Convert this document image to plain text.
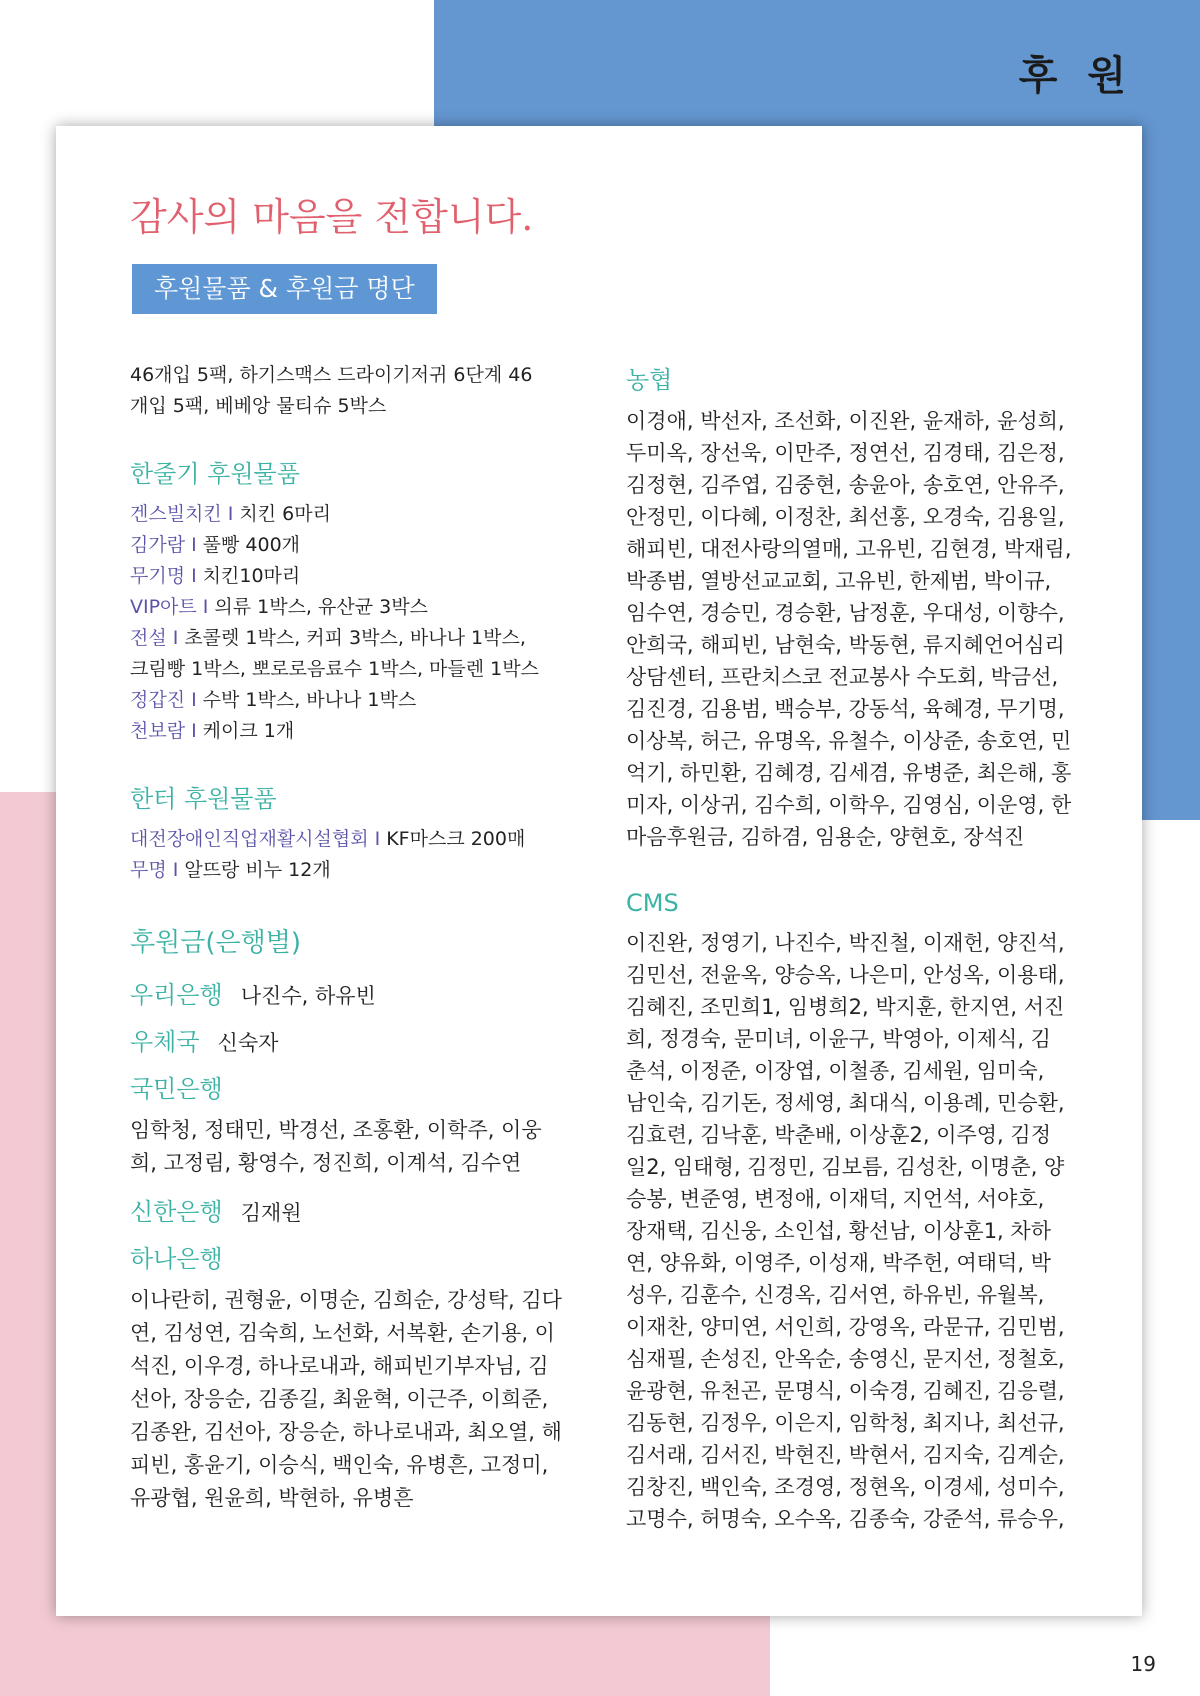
후 원
감사의 마음을 전합니다.
후원물품 & 후원금 명단

46개입 5팩, 하기스맥스 드라이기저귀 6단계 46
개입 5팩, 베베앙 물티슈 5박스

한줄기 후원물품

겐스빌치킨 I 치킨 6마리

김가람 I 풀빵 400개

무기명 I 치킨10마리

VIP아트 I 의류 1박스, 유산균 3박스

전설 I 초콜렛 1박스, 커피 3박스, 바나나 1박스,
크림빵 1박스, 뽀로로음료수 1박스, 마들렌 1박스

정갑진 I 수박 1박스, 바나나 1박스

천보람 I 케이크 1개

한터 후원물품

대전장애인직업재활시설협회 I KF마스크 200매

무명 I 알뜨랑 비누 12개

후원금(은행별)

우리은행 나진수, 하유빈

우체국 신숙자

국민은행

임학청, 정태민, 박경선, 조홍환, 이학주, 이웅
희, 고정림, 황영수, 정진희, 이계석, 김수연

신한은행 김재원

하나은행

이나란히, 권형윤, 이명순, 김희순, 강성탁, 김다
연, 김성연, 김숙희, 노선화, 서복환, 손기용, 이
석진, 이우경, 하나로내과, 해피빈기부자님, 김
선아, 장응순, 김종길, 최윤혁, 이근주, 이희준,
김종완, 김선아, 장응순, 하나로내과, 최오열, 해
피빈, 홍윤기, 이승식, 백인숙, 유병흔, 고정미,
유광협, 원윤희, 박현하, 유병흔

농협

이경애, 박선자, 조선화, 이진완, 윤재하, 윤성희,
두미옥, 장선욱, 이만주, 정연선, 김경태, 김은정,
김정현, 김주엽, 김중현, 송윤아, 송호연, 안유주,
안정민, 이다혜, 이정찬, 최선홍, 오경숙, 김용일,
해피빈, 대전사랑의열매, 고유빈, 김현경, 박재림,
박종범, 열방선교교회, 고유빈, 한제범, 박이규,
임수연, 경승민, 경승환, 남정훈, 우대성, 이향수,
안희국, 해피빈, 남현숙, 박동현, 류지혜언어심리
상담센터, 프란치스코 전교봉사 수도회, 박금선,
김진경, 김용범, 백승부, 강동석, 육혜경, 무기명,
이상복, 허근, 유명옥, 유철수, 이상준, 송호연, 민
억기, 하민환, 김혜경, 김세겸, 유병준, 최은해, 홍
미자, 이상귀, 김수희, 이학우, 김영심, 이운영, 한
마음후원금, 김하겸, 임용순, 양현호, 장석진

CMS

이진완, 정영기, 나진수, 박진철, 이재헌, 양진석,
김민선, 전윤옥, 양승옥, 나은미, 안성옥, 이용태,
김혜진, 조민희1, 임병희2, 박지훈, 한지연, 서진
희, 정경숙, 문미녀, 이윤구, 박영아, 이제식, 김
춘석, 이정준, 이장엽, 이철종, 김세원, 임미숙,
남인숙, 김기돈, 정세영, 최대식, 이용례, 민승환,
김효련, 김낙훈, 박춘배, 이상훈2, 이주영, 김정
일2, 임태형, 김정민, 김보름, 김성찬, 이명춘, 양
승봉, 변준영, 변정애, 이재덕, 지언석, 서야호,
장재택, 김신웅, 소인섭, 황선남, 이상훈1, 차하
연, 양유화, 이영주, 이성재, 박주헌, 여태덕, 박
성우, 김훈수, 신경옥, 김서연, 하유빈, 유월복,
이재찬, 양미연, 서인희, 강영옥, 라문규, 김민범,
심재필, 손성진, 안옥순, 송영신, 문지선, 정철호,
윤광현, 유천곤, 문명식, 이숙경, 김혜진, 김응렬,
김동현, 김정우, 이은지, 임학청, 최지나, 최선규,
김서래, 김서진, 박현진, 박현서, 김지숙, 김계순,
김창진, 백인숙, 조경영, 정현옥, 이경세, 성미수,
고명수, 허명숙, 오수옥, 김종숙, 강준석, 류승우,

19
